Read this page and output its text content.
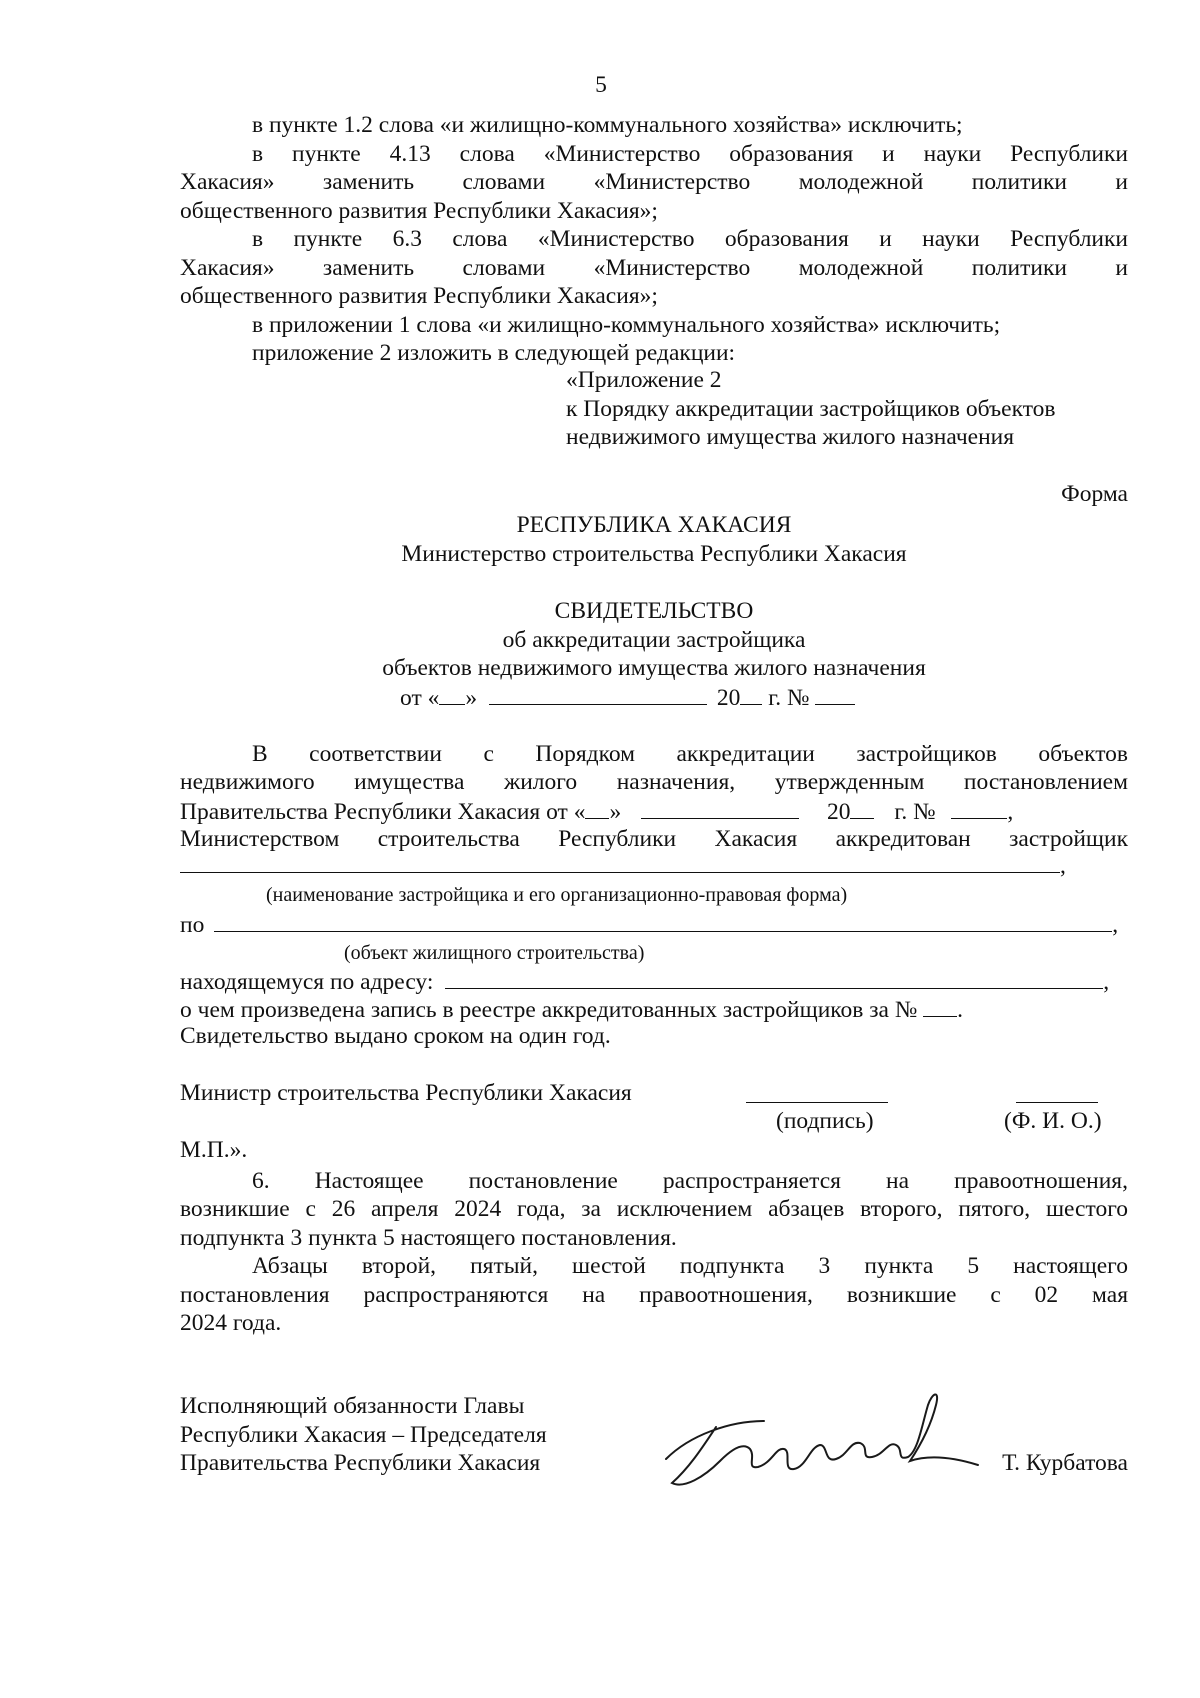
5
в пункте 1.2 слова «и жилищно-коммунального хозяйства» исключить;
в пункте 4.13 слова «Министерство образования и науки Республики
Хакасия» заменить словами «Министерство молодежной политики и
общественного развития Республики Хакасия»;
в пункте 6.3 слова «Министерство образования и науки Республики
Хакасия» заменить словами «Министерство молодежной политики и
общественного развития Республики Хакасия»;
в приложении 1 слова «и жилищно-коммунального хозяйства» исключить;
приложение 2 изложить в следующей редакции:
«Приложение 2
к Порядку аккредитации застройщиков объектов
недвижимого имущества жилого назначения
Форма
РЕСПУБЛИКА ХАКАСИЯ
Министерство строительства Республики Хакасия
СВИДЕТЕЛЬСТВО
об аккредитации застройщика
объектов недвижимого имущества жилого назначения
от « »	20 г. №
В соответствии с Порядком аккредитации застройщиков объектов
недвижимого имущества жилого назначения, утвержденным постановлением
Правительства Республики Хакасия от « »	20 г. №	,
Министерством строительства Республики Хакасия аккредитован застройщик
,
(наименование застройщика и его организационно-правовая форма)
по	,
(объект жилищного строительства)
находящемуся по адресу:	,
о чем произведена запись в реестре аккредитованных застройщиков за № .
Свидетельство выдано сроком на один год.
Министр строительства Республики Хакасия
(подпись)	(Ф. И. О.)
М.П.».
6. Настоящее постановление распространяется на правоотношения,
возникшие с 26 апреля 2024 года, за исключением абзацев второго, пятого, шестого
подпункта 3 пункта 5 настоящего постановления.
Абзацы второй, пятый, шестой подпункта 3 пункта 5 настоящего
постановления распространяются на правоотношения, возникшие с 02 мая
2024 года.
Исполняющий обязанности Главы
Республики Хакасия – Председателя
Правительства Республики Хакасия	Т. Курбатова
